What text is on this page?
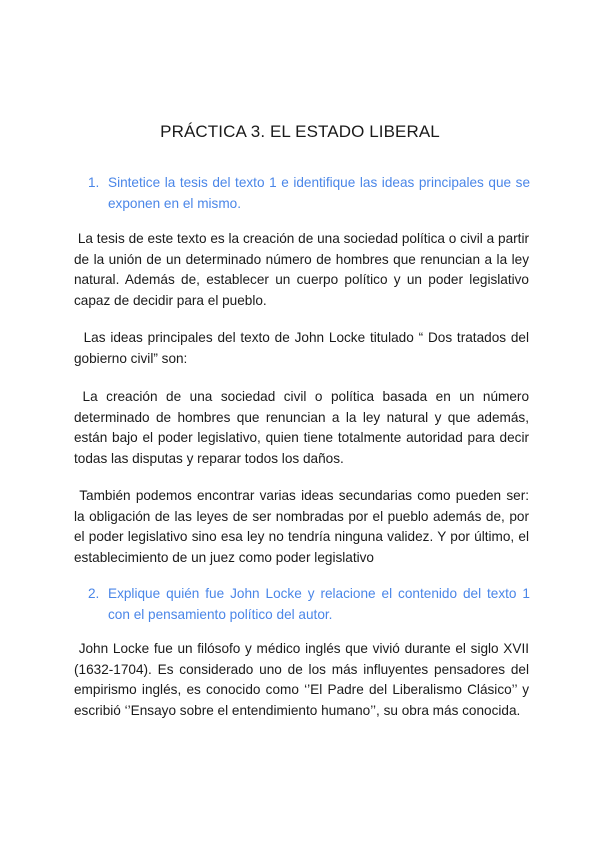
PRÁCTICA 3. EL ESTADO LIBERAL
1. Sintetice la tesis del texto 1 e identifique las ideas principales que se exponen en el mismo.

La tesis de este texto es la creación de una sociedad política o civil a partir de la unión de un determinado número de hombres que renuncian a la ley natural. Además de, establecer un cuerpo político y un poder legislativo capaz de decidir para el pueblo.

Las ideas principales del texto de John Locke titulado “ Dos tratados del gobierno civil” son:

La creación de una sociedad civil o política basada en un número determinado de hombres que renuncian a la ley natural y que además, están bajo el poder legislativo, quien tiene totalmente autoridad para decir todas las disputas y reparar todos los daños.

También podemos encontrar varias ideas secundarias como pueden ser: la obligación de las leyes de ser nombradas por el pueblo además de, por el poder legislativo sino esa ley no tendría ninguna validez. Y por último, el establecimiento de un juez como poder legislativo

2. Explique quién fue John Locke y relacione el contenido del texto 1 con el pensamiento político del autor.

John Locke fue un filósofo y médico inglés que vivió durante el siglo XVII (1632-1704). Es considerado uno de los más influyentes pensadores del empirismo inglés, es conocido como ‘’El Padre del Liberalismo Clásico’’ y escribió ‘’Ensayo sobre el entendimiento humano’’, su obra más conocida.
